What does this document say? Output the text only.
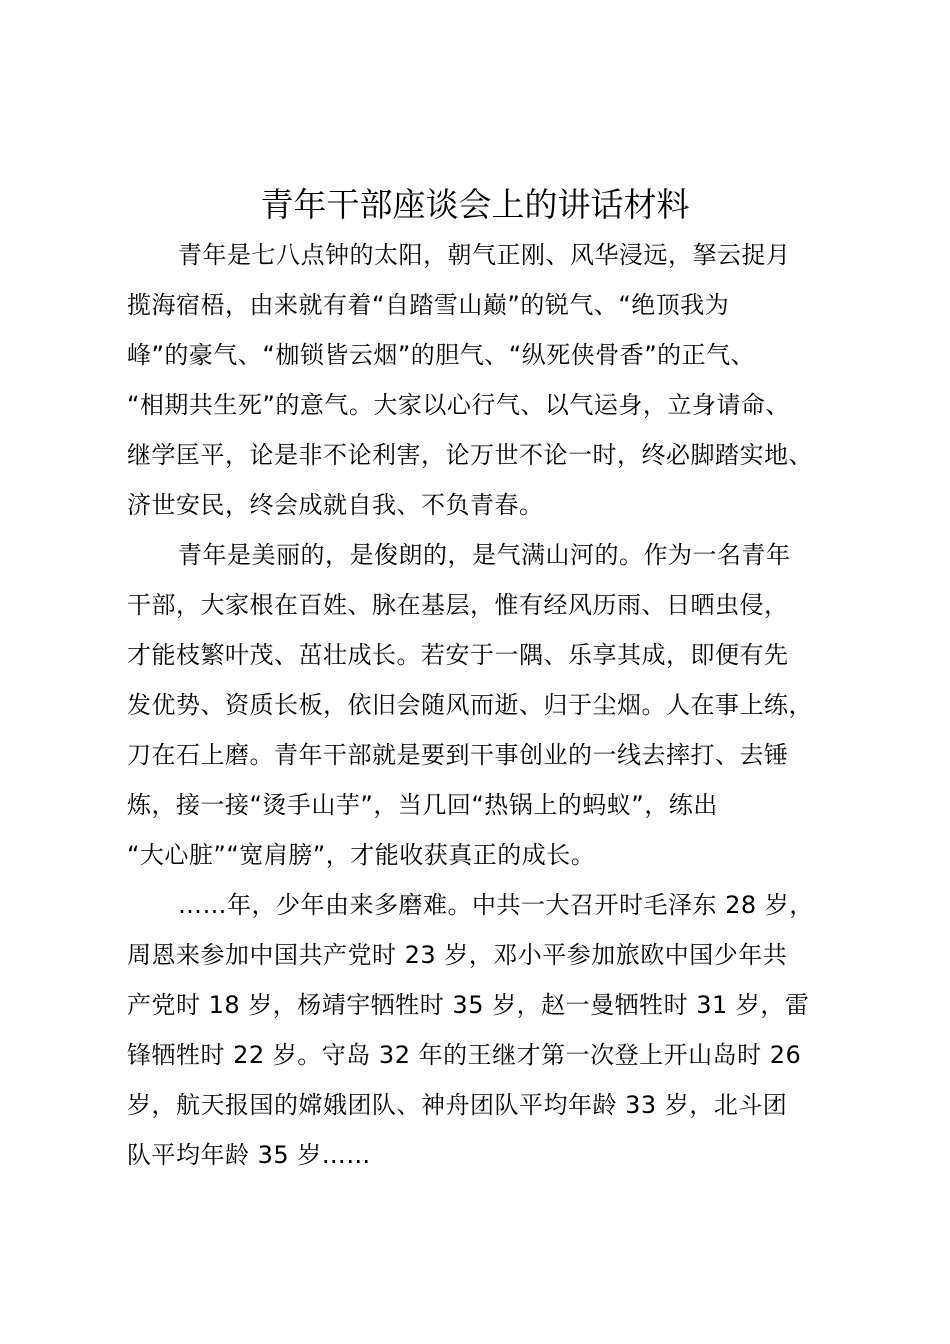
青年干部座谈会上的讲话材料
青年是七八点钟的太阳，朝气正刚、风华浸远，拏云捉月
揽海宿梧，由来就有着“自踏雪山巅”的锐气、“绝顶我为
峰”的豪气、“枷锁皆云烟”的胆气、“纵死侠骨香”的正气、
“相期共生死”的意气。大家以心行气、以气运身，立身请命、
继学匡平，论是非不论利害，论万世不论一时，终必脚踏实地、
济世安民，终会成就自我、不负青春。
青年是美丽的，是俊朗的，是气满山河的。作为一名青年
干部，大家根在百姓、脉在基层，惟有经风历雨、日晒虫侵，
才能枝繁叶茂、茁壮成长。若安于一隅、乐享其成，即便有先
发优势、资质长板，依旧会随风而逝、归于尘烟。人在事上练，
刀在石上磨。青年干部就是要到干事创业的一线去摔打、去锤
炼，接一接“烫手山芋”，当几回“热锅上的蚂蚁”，练出
“大心脏”“宽肩膀”，才能收获真正的成长。
……年，少年由来多磨难。中共一大召开时毛泽东 28 岁，
周恩来参加中国共产党时 23 岁，邓小平参加旅欧中国少年共
产党时 18 岁，杨靖宇牺牲时 35 岁，赵一曼牺牲时 31 岁，雷
锋牺牲时 22 岁。守岛 32 年的王继才第一次登上开山岛时 26
岁，航天报国的嫦娥团队、神舟团队平均年龄 33 岁，北斗团
队平均年龄 35 岁……
